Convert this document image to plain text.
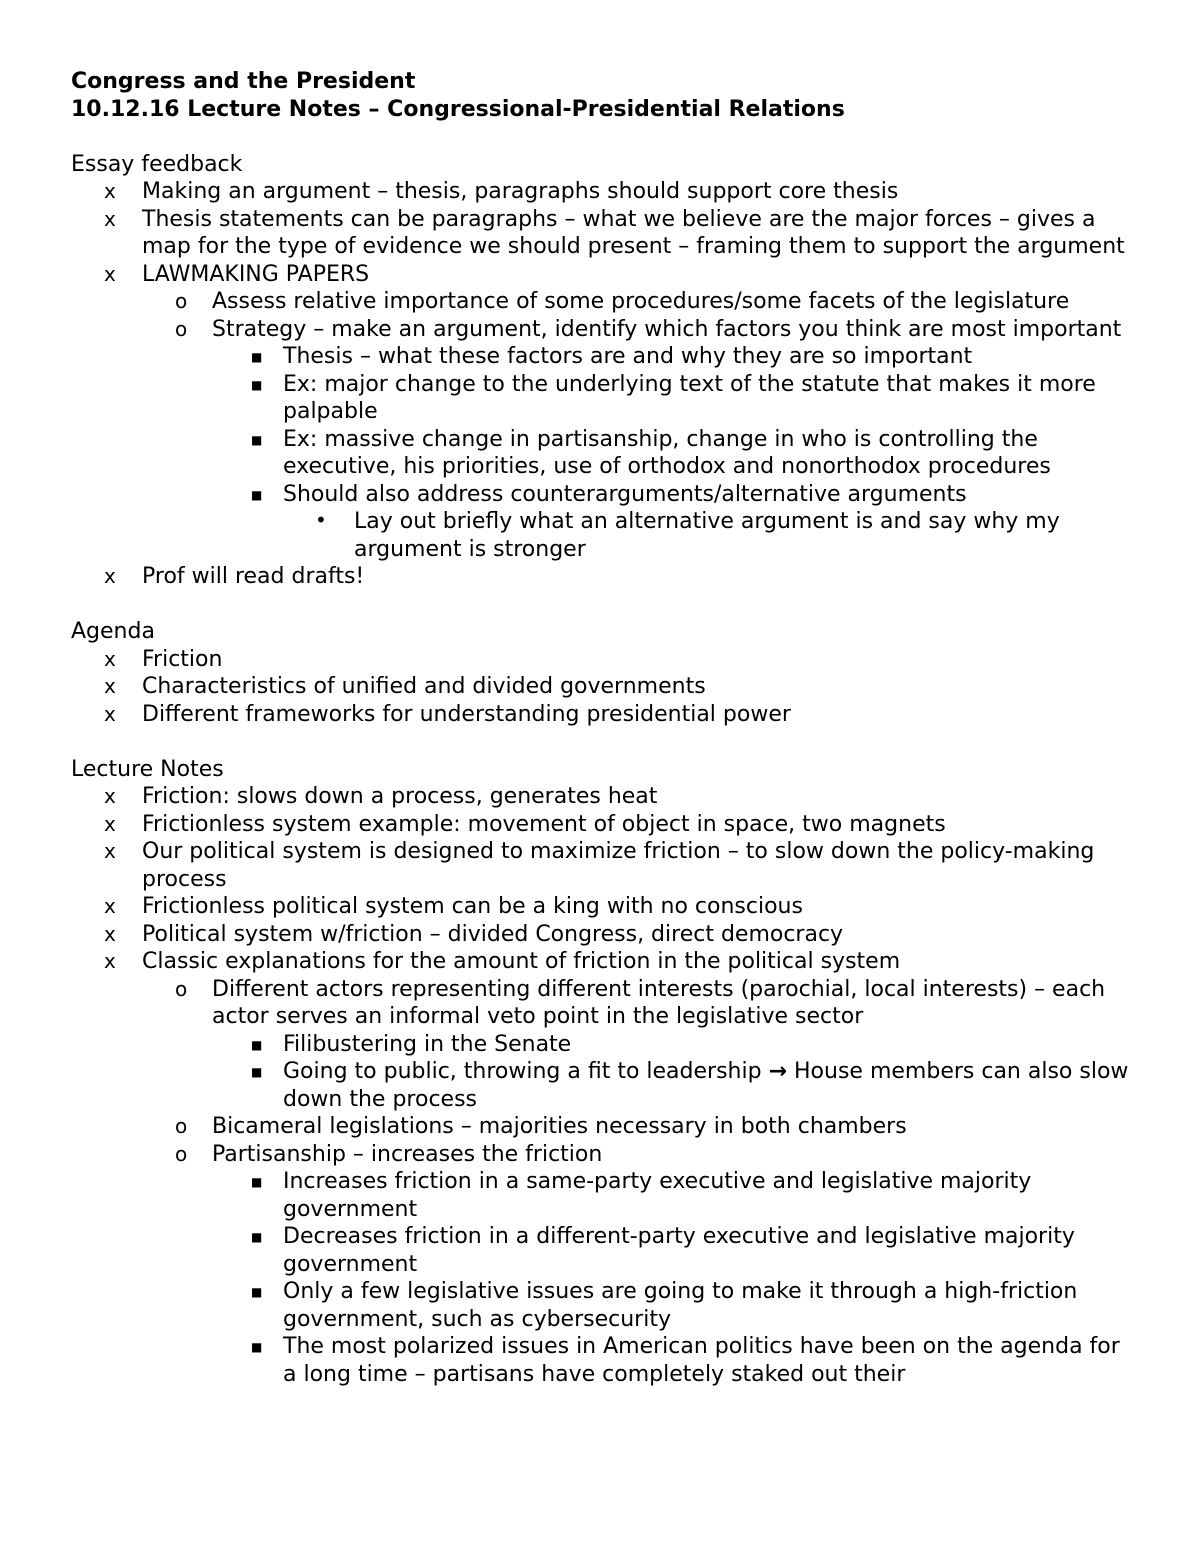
Congress and the President
10.12.16 Lecture Notes – Congressional-Presidential Relations
Essay feedback
x Making an argument – thesis, paragraphs should support core thesis
x Thesis statements can be paragraphs – what we believe are the major forces – gives a map for the type of evidence we should present – framing them to support the argument
x LAWMAKING PAPERS
o Assess relative importance of some procedures/some facets of the legislature
o Strategy – make an argument, identify which factors you think are most important
■ Thesis – what these factors are and why they are so important
■ Ex: major change to the underlying text of the statute that makes it more palpable
■ Ex: massive change in partisanship, change in who is controlling the executive, his priorities, use of orthodox and nonorthodox procedures
■ Should also address counterarguments/alternative arguments
• Lay out briefly what an alternative argument is and say why my argument is stronger
x Prof will read drafts!
Agenda
x Friction
x Characteristics of unified and divided governments
x Different frameworks for understanding presidential power
Lecture Notes
x Friction: slows down a process, generates heat
x Frictionless system example: movement of object in space, two magnets
x Our political system is designed to maximize friction – to slow down the policy-making process
x Frictionless political system can be a king with no conscious
x Political system w/friction – divided Congress, direct democracy
x Classic explanations for the amount of friction in the political system
o Different actors representing different interests (parochial, local interests) – each actor serves an informal veto point in the legislative sector
■ Filibustering in the Senate
■ Going to public, throwing a fit to leadership → House members can also slow down the process
o Bicameral legislations – majorities necessary in both chambers
o Partisanship – increases the friction
■ Increases friction in a same-party executive and legislative majority government
■ Decreases friction in a different-party executive and legislative majority government
■ Only a few legislative issues are going to make it through a high-friction government, such as cybersecurity
■ The most polarized issues in American politics have been on the agenda for a long time – partisans have completely staked out their
